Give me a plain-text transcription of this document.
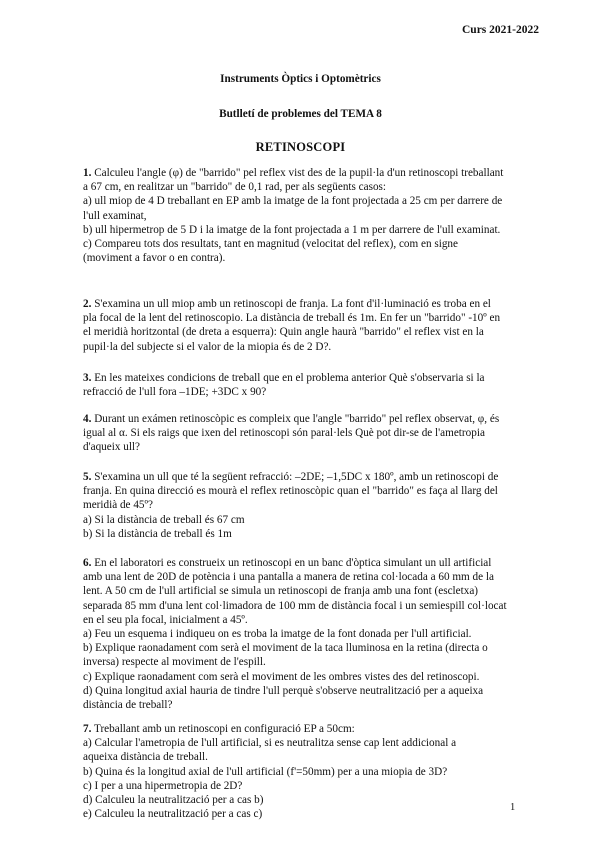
Curs 2021-2022
Instruments Òptics i Optomètrics
Butlletí de problemes del TEMA 8
RETINOSCOPI

1. Calculeu l'angle (φ) de "barrido" pel reflex vist des de la pupil·la d'un retinoscopi treballant

a 67 cm, en realitzar un "barrido" de 0,1 rad, per als següents casos:

a) ull miop de 4 D treballant en EP amb la imatge de la font projectada a 25 cm per darrere de

l'ull examinat,

b) ull hipermetrop de 5 D i la imatge de la font projectada a 1 m per darrere de l'ull examinat.

c) Compareu tots dos resultats, tant en magnitud (velocitat del reflex), com en signe

(moviment a favor o en contra).

2. S'examina un ull miop amb un retinoscopi de franja. La font d'il·luminació es troba en el

pla focal de la lent del retinoscopio. La distància de treball és 1m. En fer un "barrido" -10º en

el meridià horitzontal (de dreta a esquerra): Quin angle haurà "barrido" el reflex vist en la

pupil·la del subjecte si el valor de la miopia és de 2 D?.

3. En les mateixes condicions de treball que en el problema anterior Què s'observaria si la

refracció de l'ull fora –1DE; +3DC x 90?

4. Durant un exámen retinoscòpic es compleix que l'angle "barrido" pel reflex observat, φ, és

igual al α. Si els raigs que ixen del retinoscopi són paral·lels Què pot dir-se de l'ametropia

d'aqueix ull?

5. S'examina un ull que té la següent refracció: –2DE; –1,5DC x 180º, amb un retinoscopi de

franja. En quina direcció es mourà el reflex retinoscòpic quan el "barrido" es faça al llarg del

meridià de 45º?

a) Si la distància de treball és 67 cm

b) Si la distància de treball és 1m

6. En el laboratori es construeix un retinoscopi en un banc d'òptica simulant un ull artificial

amb una lent de 20D de potència i una pantalla a manera de retina col·locada a 60 mm de la

lent. A 50 cm de l'ull artificial se simula un retinoscopi de franja amb una font (escletxa)

separada 85 mm d'una lent col·limadora de 100 mm de distància focal i un semiespill col·locat

en el seu pla focal, inicialment a 45º.

a) Feu un esquema i indiqueu on es troba la imatge de la font donada per l'ull artificial.

b) Explique raonadament com serà el moviment de la taca lluminosa en la retina (directa o

inversa) respecte al moviment de l'espill.

c) Explique raonadament com serà el moviment de les ombres vistes des del retinoscopi.

d) Quina longitud axial hauria de tindre l'ull perquè s'observe neutralització per a aqueixa

distància de treball?

7. Treballant amb un retinoscopi en configuració EP a 50cm:

a) Calcular l'ametropia de l'ull artificial, si es neutralitza sense cap lent addicional a

aqueixa distància de treball.

b) Quina és la longitud axial de l'ull artificial (f'=50mm) per a una miopia de 3D?

c) I per a una hipermetropia de 2D?

d) Calculeu la neutralització per a cas b)

e) Calculeu la neutralització per a cas c)

1
